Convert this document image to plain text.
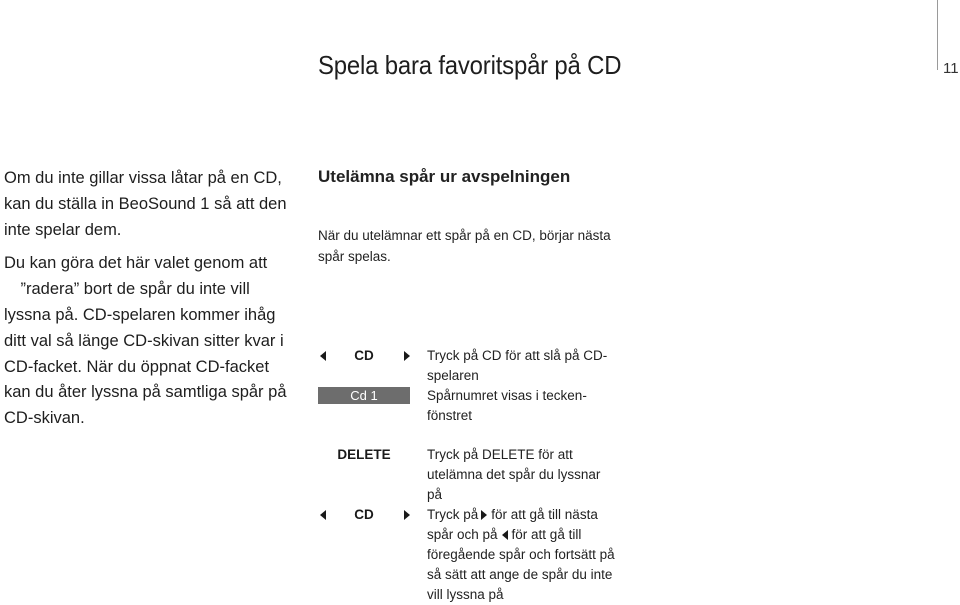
Spela bara favoritspår på CD	11

Om du inte gillar vissa låtar på en CD, kan du ställa in BeoSound 1 så att den inte spelar dem.

Du kan göra det här valet genom att  ”radera” bort de spår du inte vill lyssna på. CD-spelaren kommer ihåg ditt val så länge CD-skivan sitter kvar i CD-facket. När du öppnat CD-facket kan du åter lyssna på samtliga spår på CD-skivan.

Utelämna spår ur avspelningen
När du utelämnar ett spår på en CD, börjar nästa spår spelas.
CD	Tryck på CD för att slå på CD-spelaren
Cd 1	Spårnumret visas i tecken-fönstret
DELETE	Tryck på DELETE för att utelämna det spår du lyssnar på
CD	Tryck på för att gå till nästa spår och på för att gå till föregående spår och fortsätt på så sätt att ange de spår du inte vill lyssna på
